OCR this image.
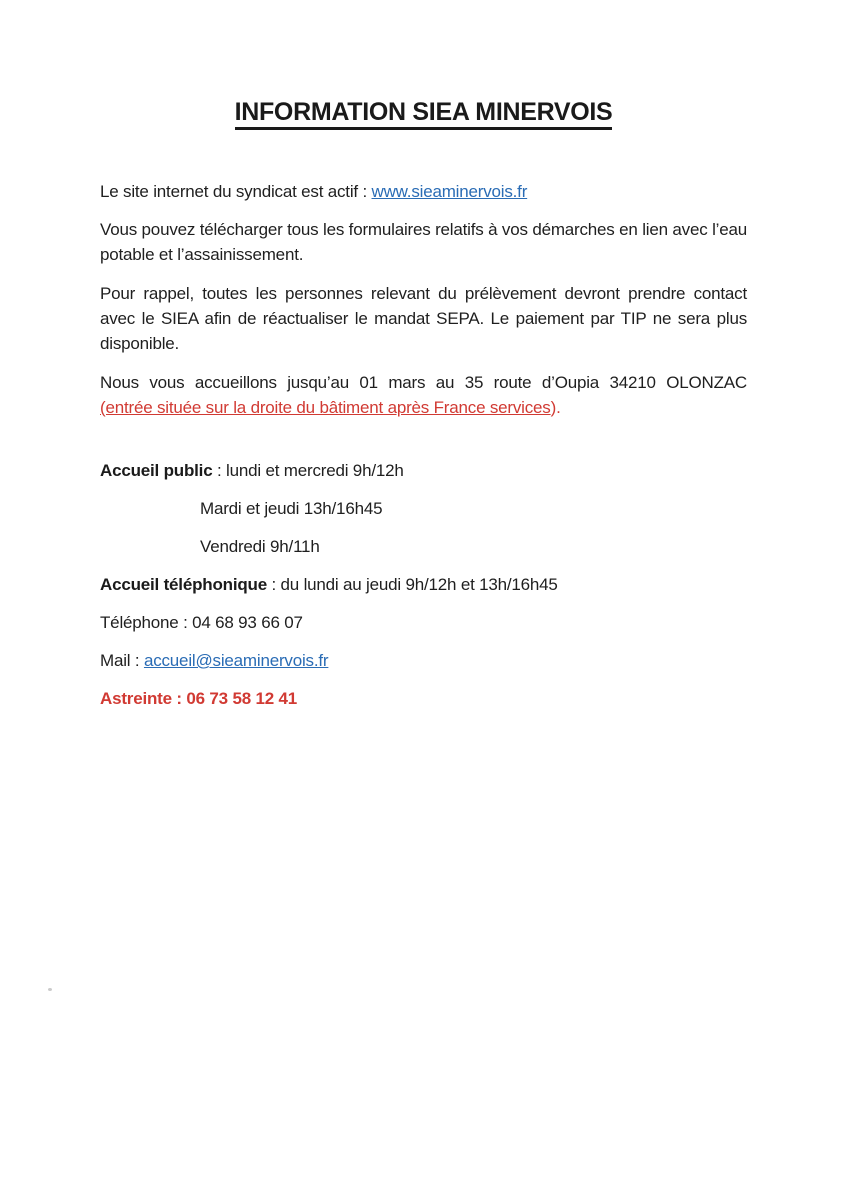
INFORMATION SIEA MINERVOIS

Le site internet du syndicat est actif : www.sieaminervois.fr

Vous pouvez télécharger tous les formulaires relatifs à vos démarches en lien avec l’eau potable et l’assainissement.

Pour rappel, toutes les personnes relevant du prélèvement devront prendre contact avec le SIEA afin de réactualiser le mandat SEPA. Le paiement par TIP ne sera plus disponible.

Nous vous accueillons jusqu’au 01 mars au 35 route d’Oupia 34210 OLONZAC (entrée située sur la droite du bâtiment après France services).

Accueil public : lundi et mercredi 9h/12h

Mardi et jeudi 13h/16h45

Vendredi 9h/11h

Accueil téléphonique : du lundi au jeudi 9h/12h et 13h/16h45

Téléphone : 04 68 93 66 07

Mail : accueil@sieaminervois.fr

Astreinte : 06 73 58 12 41
